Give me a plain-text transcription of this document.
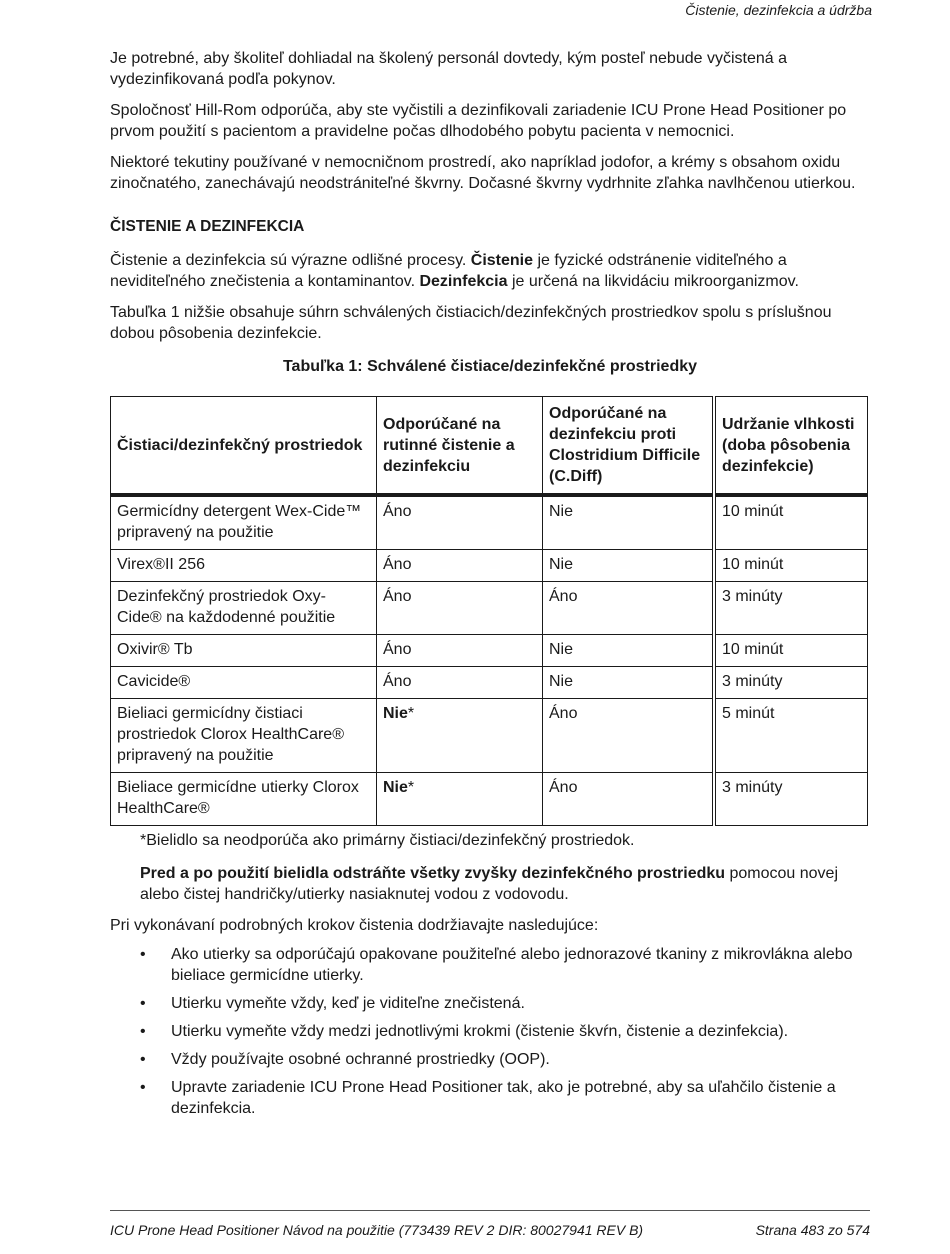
Čistenie, dezinfekcia a údržba

Je potrebné, aby školiteľ dohliadal na školený personál dovtedy, kým posteľ nebude vyčistená a vydezinfikovaná podľa pokynov.

Spoločnosť Hill-Rom odporúča, aby ste vyčistili a dezinfikovali zariadenie ICU Prone Head Positioner po prvom použití s pacientom a pravidelne počas dlhodobého pobytu pacienta v nemocnici.

Niektoré tekutiny používané v nemocničnom prostredí, ako napríklad jodofor, a krémy s obsahom oxidu zinočnatého, zanechávajú neodstrániteľné škvrny. Dočasné škvrny vydrhnite zľahka navlhčenou utierkou.

ČISTENIE A DEZINFEKCIA

Čistenie a dezinfekcia sú výrazne odlišné procesy. Čistenie je fyzické odstránenie viditeľného a neviditeľného znečistenia a kontaminantov. Dezinfekcia je určená na likvidáciu mikroorganizmov.

Tabuľka 1 nižšie obsahuje súhrn schválených čistiacich/dezinfekčných prostriedkov spolu s príslušnou dobou pôsobenia dezinfekcie.

Tabuľka 1: Schválené čistiace/dezinfekčné prostriedky
Čistiaci/dezinfekčný prostriedok	Odporúčané na rutinné čistenie a dezinfekciu	Odporúčané na dezinfekciu proti Clostridium Difficile (C.Diff)	Udržanie vlhkosti (doba pôsobenia dezinfekcie)
Germicídny detergent Wex-Cide™ pripravený na použitie	Áno	Nie	10 minút
Virex®II 256	Áno	Nie	10 minút
Dezinfekčný prostriedok Oxy-Cide® na každodenné použitie	Áno	Áno	3 minúty
Oxivir® Tb	Áno	Nie	10 minút
Cavicide®	Áno	Nie	3 minúty
Bieliaci germicídny čistiaci prostriedok Clorox HealthCare® pripravený na použitie	Nie*	Áno	5 minút
Bieliace germicídne utierky Clorox HealthCare®	Nie*	Áno	3 minúty

*Bielidlo sa neodporúča ako primárny čistiaci/dezinfekčný prostriedok.

Pred a po použití bielidla odstráňte všetky zvyšky dezinfekčného prostriedku pomocou novej alebo čistej handričky/utierky nasiaknutej vodou z vodovodu.

Pri vykonávaní podrobných krokov čistenia dodržiavajte nasledujúce:

• Ako utierky sa odporúčajú opakovane použiteľné alebo jednorazové tkaniny z mikrovlákna alebo bieliace germicídne utierky.
• Utierku vymeňte vždy, keď je viditeľne znečistená.
• Utierku vymeňte vždy medzi jednotlivými krokmi (čistenie škvŕn, čistenie a dezinfekcia).
• Vždy používajte osobné ochranné prostriedky (OOP).
• Upravte zariadenie ICU Prone Head Positioner tak, ako je potrebné, aby sa uľahčilo čistenie a dezinfekcia.
ICU Prone Head Positioner Návod na použitie (773439 REV 2 DIR: 80027941 REV B)	Strana 483 zo 574
